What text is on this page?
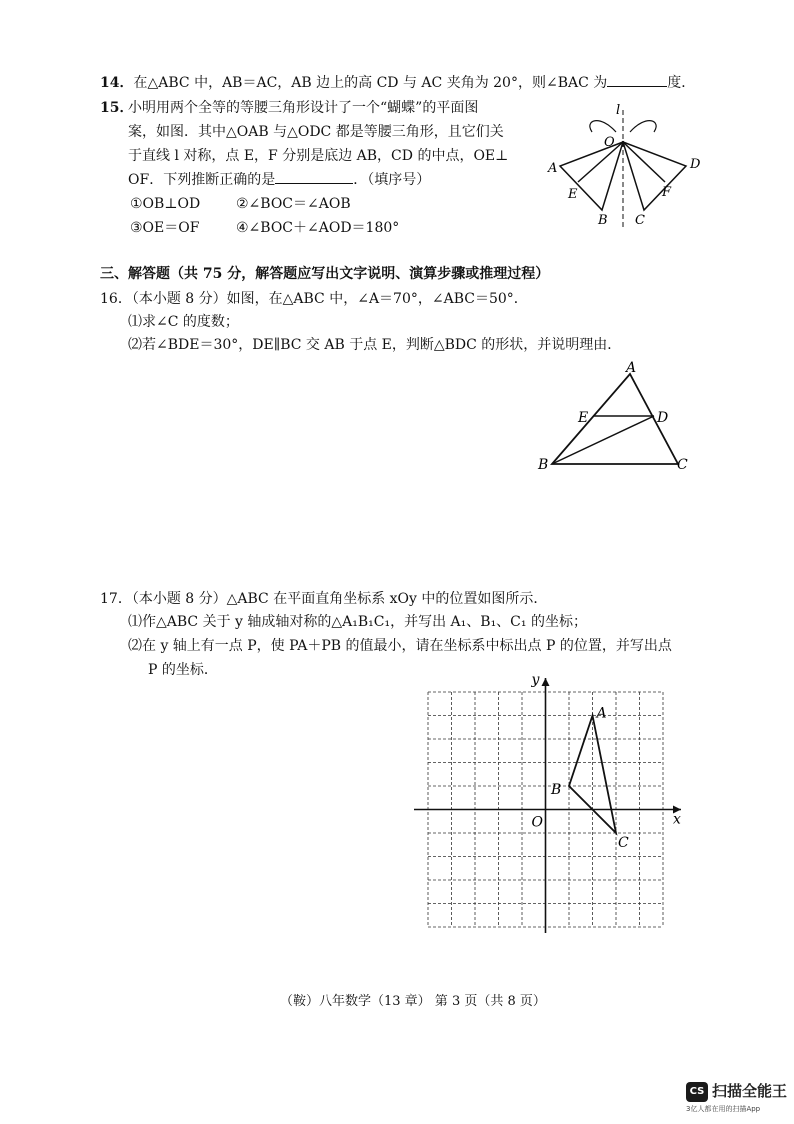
14．在△ABC 中，AB＝AC，AB 边上的高 CD 与 AC 夹角为 20°，则∠BAC 为	度．
15．
小明用两个全等的等腰三角形设计了一个“蝴蝶”的平面图
案，如图．其中△OAB 与△ODC 都是等腰三角形，且它们关
于直线 l 对称，点 E，F 分别是底边 AB，CD 的中点，OE⊥
OF．下列推断正确的是	．（填序号）
①OB⊥OD	②∠BOC＝∠AOB
③OE＝OF	④∠BOC＋∠AOD＝180°
l
O
A
E
B C
F
D
三、解答题（共 75 分，解答题应写出文字说明、演算步骤或推理过程）
16．（本小题 8 分）如图，在△ABC 中，∠A＝70°，∠ABC＝50°．
⑴求∠C 的度数；
⑵若∠BDE＝30°，DE∥BC 交 AB 于点 E，判断△BDC 的形状，并说明理由．
A
E	D
B	C
17．（本小题 8 分）△ABC 在平面直角坐标系 xOy 中的位置如图所示．
⑴作△ABC 关于 y 轴成轴对称的△A₁B₁C₁，并写出 A₁、B₁、C₁ 的坐标；
⑵在 y 轴上有一点 P，使 PA＋PB 的值最小，请在坐标系中标出点 P 的位置，并写出点
P 的坐标．
x
y
O
A
B
C
（鞍）八年数学（13 章） 第 3 页（共 8 页）
CS 扫描全能王
3亿人都在用的扫描App
